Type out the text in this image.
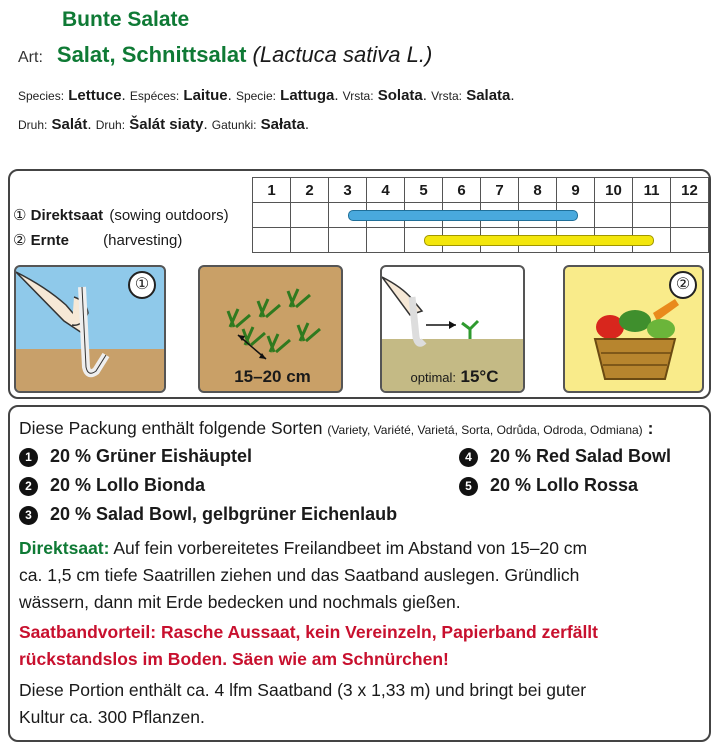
Bunte Salate
Art: Salat, Schnittsalat (Lactuca sativa L.)
Species: Lettuce. Espéces: Laitue. Specie: Lattuga. Vrsta: Solata. Vrsta: Salata.
Druh: Salát. Druh: Šalát siaty. Gatunki: Sałata.
	1	2	3	4	5	6	7	8	9	10	11	12
① Direktsaat (sowing outdoors)												
② Ernte (harvesting)												
①
15–20 cm	optimal: 15°C
②
Diese Packung enthält folgende Sorten (Variety, Variété, Varietá, Sorta, Odrůda, Odroda, Odmiana) :
1 20 % Grüner Eishäuptel
2 20 % Lollo Bionda
3 20 % Salad Bowl, gelbgrüner Eichenlaub
4 20 % Red Salad Bowl
5 20 % Lollo Rossa
Direktsaat: Auf fein vorbereitetes Freilandbeet im Abstand von 15–20 cm
ca. 1,5 cm tiefe Saatrillen ziehen und das Saatband auslegen. Gründlich
wässern, dann mit Erde bedecken und nochmals gießen.
Saatbandvorteil: Rasche Aussaat, kein Vereinzeln, Papierband zerfällt
rückstandslos im Boden. Säen wie am Schnürchen!
Diese Portion enthält ca. 4 lfm Saatband (3 x 1,33 m) und bringt bei guter
Kultur ca. 300 Pflanzen.
